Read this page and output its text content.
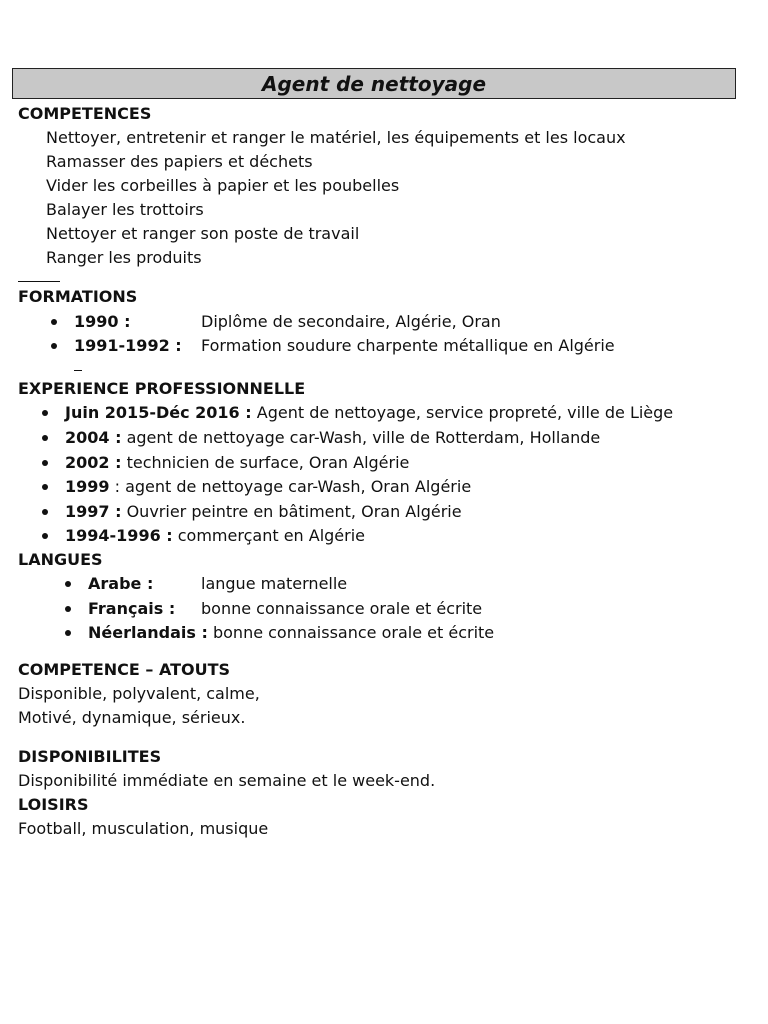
Agent de nettoyage
COMPETENCES
Nettoyer, entretenir et ranger le matériel, les équipements et les locaux
Ramasser des papiers et déchets
Vider les corbeilles à papier et les poubelles
Balayer les trottoirs
Nettoyer et ranger son poste de travail
Ranger les produits
FORMATIONS
1990 :	Diplôme de secondaire, Algérie, Oran
1991-1992 : Formation soudure charpente métallique en Algérie
EXPERIENCE PROFESSIONNELLE
Juin 2015-Déc 2016 : Agent de nettoyage, service propreté, ville de Liège
2004 : agent de nettoyage car-Wash, ville de Rotterdam, Hollande
2002 : technicien de surface, Oran Algérie
1999 : agent de nettoyage car-Wash, Oran Algérie
1997 : Ouvrier peintre en bâtiment, Oran Algérie
1994-1996 : commerçant en Algérie
LANGUES
Arabe :	langue maternelle
Français : bonne connaissance orale et écrite
Néerlandais : bonne connaissance orale et écrite
COMPETENCE – ATOUTS
Disponible, polyvalent, calme,
Motivé, dynamique, sérieux.
DISPONIBILITES
Disponibilité immédiate en semaine et le week-end.
LOISIRS
Football, musculation, musique
